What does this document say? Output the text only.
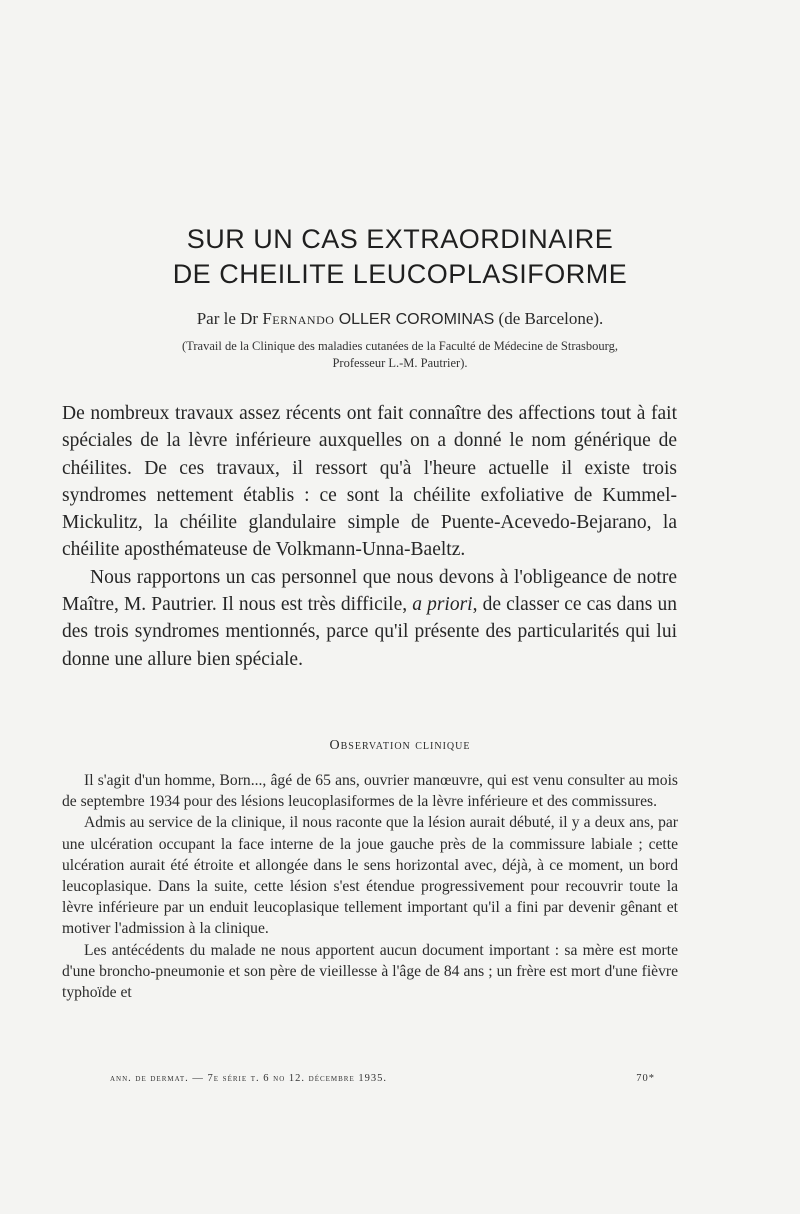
SUR UN CAS EXTRAORDINAIRE
DE CHEILITE LEUCOPLASIFORME
Par le Dr Fernando OLLER COROMINAS (de Barcelone).
(Travail de la Clinique des maladies cutanées de la Faculté de Médecine de Strasbourg,
Professeur L.-M. Pautrier).

De nombreux travaux assez récents ont fait connaître des affections tout à fait spéciales de la lèvre inférieure auxquelles on a donné le nom générique de chéilites. De ces travaux, il ressort qu'à l'heure actuelle il existe trois syndromes nettement établis : ce sont la chéilite exfoliative de Kummel-Mickulitz, la chéilite glandulaire simple de Puente-Acevedo-Bejarano, la chéilite aposthémateuse de Volkmann-Unna-Baeltz.

Nous rapportons un cas personnel que nous devons à l'obligeance de notre Maître, M. Pautrier. Il nous est très difficile, a priori, de classer ce cas dans un des trois syndromes mentionnés, parce qu'il présente des particularités qui lui donne une allure bien spéciale.

Observation clinique

Il s'agit d'un homme, Born..., âgé de 65 ans, ouvrier manœuvre, qui est venu consulter au mois de septembre 1934 pour des lésions leucoplasiformes de la lèvre inférieure et des commissures.

Admis au service de la clinique, il nous raconte que la lésion aurait débuté, il y a deux ans, par une ulcération occupant la face interne de la joue gauche près de la commissure labiale ; cette ulcération aurait été étroite et allongée dans le sens horizontal avec, déjà, à ce moment, un bord leucoplasique. Dans la suite, cette lésion s'est étendue progressivement pour recouvrir toute la lèvre inférieure par un enduit leucoplasique tellement important qu'il a fini par devenir gênant et motiver l'admission à la clinique.

Les antécédents du malade ne nous apportent aucun document important : sa mère est morte d'une broncho-pneumonie et son père de vieillesse à l'âge de 84 ans ; un frère est mort d'une fièvre typhoïde et

ann. de dermat. — 7e série t. 6 no 12. décembre 1935.	70*
